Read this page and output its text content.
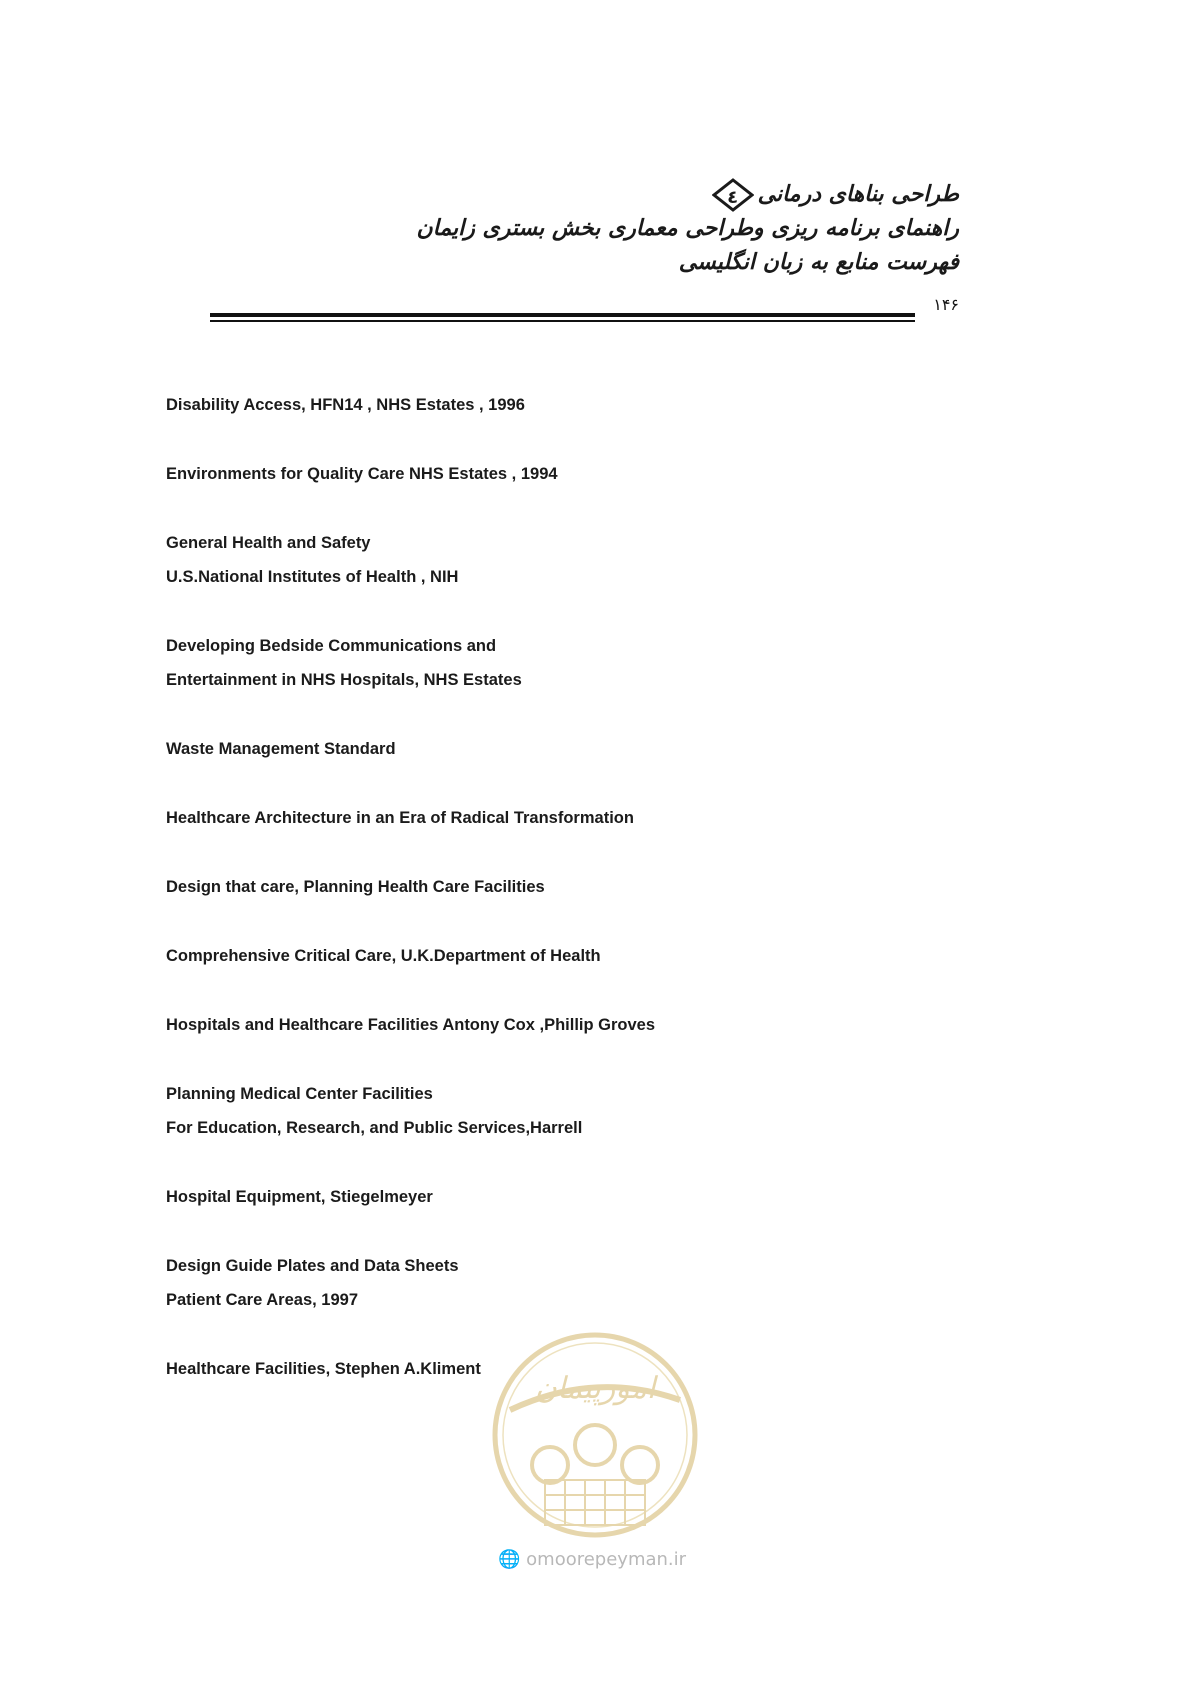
طراحی بناهای درمانی
٤
راهنمای برنامه ریزی وطراحی معماری بخش بستری زایمان
فهرست منابع به زبان انگلیسی
۱۴۶
Disability Access, HFN14 , NHS Estates , 1996
Environments for Quality Care NHS Estates , 1994
General Health and Safety
U.S.National Institutes of Health , NIH
Developing Bedside Communications and
Entertainment in NHS Hospitals, NHS Estates
Waste Management Standard
Healthcare Architecture in an Era of Radical Transformation
Design that care, Planning Health Care Facilities
Comprehensive Critical Care, U.K.Department of Health
Hospitals and Healthcare Facilities Antony Cox ,Phillip Groves
Planning Medical Center Facilities
For Education, Research, and Public Services,Harrell
Hospital Equipment, Stiegelmeyer
Design Guide Plates and Data Sheets
Patient Care Areas, 1997
Healthcare Facilities, Stephen A.Kliment
امورپیمان
🌐 omoorepeyman.ir
